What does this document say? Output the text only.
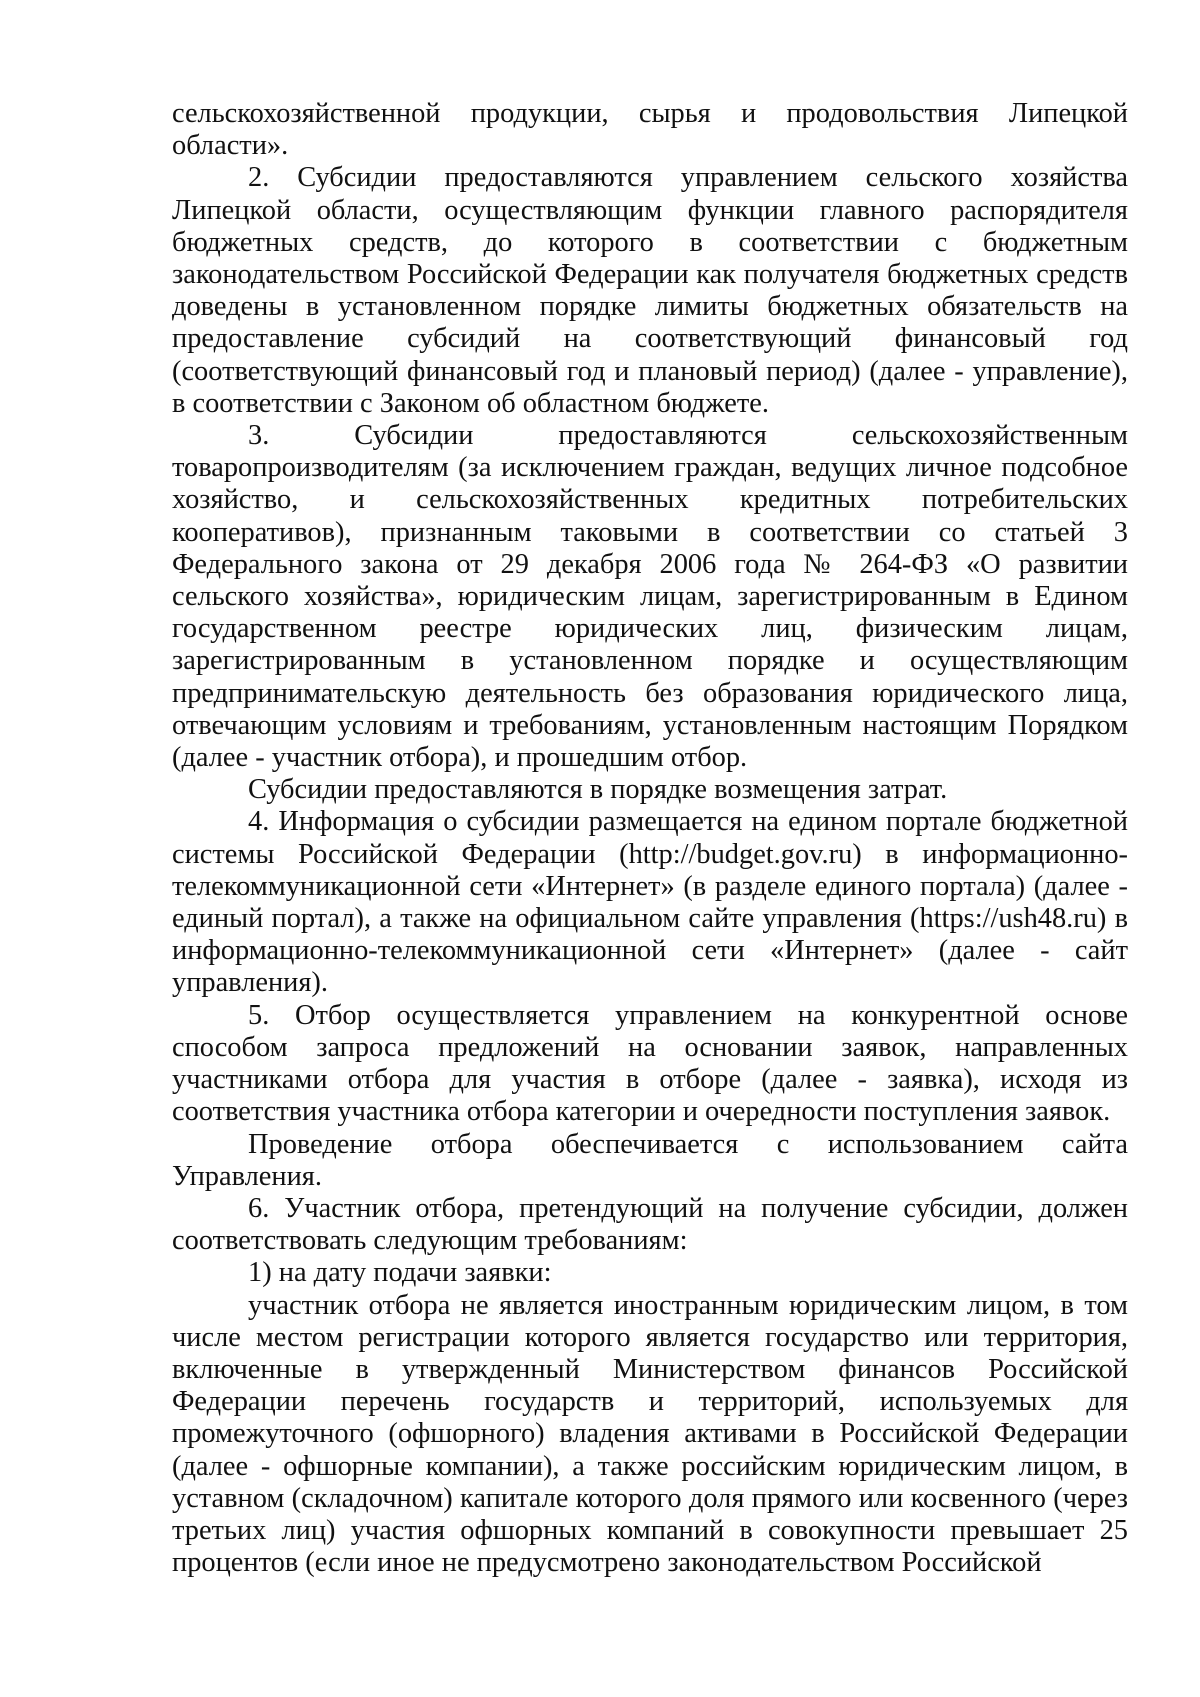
сельскохозяйственной продукции, сырья и продовольствия Липецкой области».

2. Субсидии предоставляются управлением сельского хозяйства Липецкой области, осуществляющим функции главного распорядителя бюджетных средств, до которого в соответствии с бюджетным законодательством Российской Федерации как получателя бюджетных средств доведены в установленном порядке лимиты бюджетных обязательств на предоставление субсидий на соответствующий финансовый год (соответствующий финансовый год и плановый период) (далее - управление), в соответствии с Законом об областном бюджете.

3. Субсидии предоставляются сельскохозяйственным товаропроизводителям (за исключением граждан, ведущих личное подсобное хозяйство, и сельскохозяйственных кредитных потребительских кооперативов), признанным таковыми в соответствии со статьей 3 Федерального закона от 29 декабря 2006 года № 264-ФЗ «О развитии сельского хозяйства», юридическим лицам, зарегистрированным в Едином государственном реестре юридических лиц, физическим лицам, зарегистрированным в установленном порядке и осуществляющим предпринимательскую деятельность без образования юридического лица, отвечающим условиям и требованиям, установленным настоящим Порядком (далее - участник отбора), и прошедшим отбор.

Субсидии предоставляются в порядке возмещения затрат.

4. Информация о субсидии размещается на едином портале бюджетной системы Российской Федерации (http://budget.gov.ru) в информационно-телекоммуникационной сети «Интернет» (в разделе единого портала) (далее - единый портал), а также на официальном сайте управления (https://ush48.ru) в информационно-телекоммуникационной сети «Интернет» (далее - сайт управления).

5. Отбор осуществляется управлением на конкурентной основе способом запроса предложений на основании заявок, направленных участниками отбора для участия в отборе (далее - заявка), исходя из соответствия участника отбора категории и очередности поступления заявок.

Проведение отбора обеспечивается с использованием сайта Управления.

6. Участник отбора, претендующий на получение субсидии, должен соответствовать следующим требованиям:

1) на дату подачи заявки:

участник отбора не является иностранным юридическим лицом, в том числе местом регистрации которого является государство или территория, включенные в утвержденный Министерством финансов Российской Федерации перечень государств и территорий, используемых для промежуточного (офшорного) владения активами в Российской Федерации (далее - офшорные компании), а также российским юридическим лицом, в уставном (складочном) капитале которого доля прямого или косвенного (через третьих лиц) участия офшорных компаний в совокупности превышает 25 процентов (если иное не предусмотрено законодательством Российской
